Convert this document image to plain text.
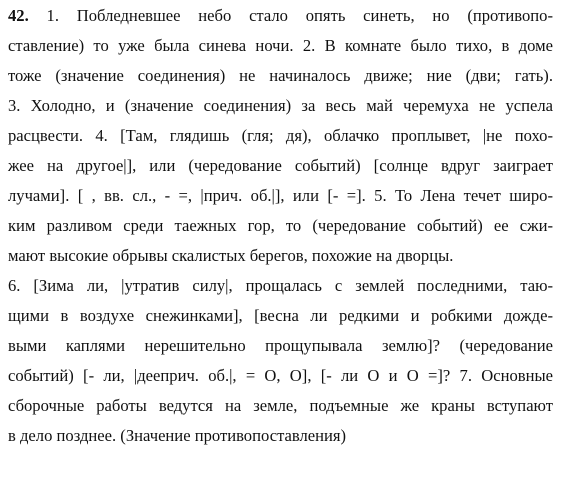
42. 1. Побледневшее небо стало опять синеть, но (противопо-
ставление) то уже была синева ночи. 2. В комнате было тихо, в доме
тоже (значение соединения) не начиналось движе; ние (дви; гать).
3. Холодно, и (значение соединения) за весь май черемуха не успела
расцвести. 4. [Там, глядишь (гля; дя), облачко проплывет, |не похо-
жее на другое|], или (чередование событий) [солнце вдруг заиграет
лучами]. [ , вв. сл., - =, |прич. об.|], или [- =]. 5. То Лена течет широ-
ким разливом среди таежных гор, то (чередование событий) ее сжи-
мают высокие обрывы скалистых берегов, похожие на дворцы.
6. [Зима ли, |утратив силу|, прощалась с землей последними, таю-
щими в воздухе снежинками], [весна ли редкими и робкими дожде-
выми каплями нерешительно прощупывала землю]? (чередование
событий) [- ли, |дееприч. об.|, = О, О], [- ли О и О =]? 7. Основные
сборочные работы ведутся на земле, подъемные же краны вступают
в дело позднее. (Значение противопоставления)
